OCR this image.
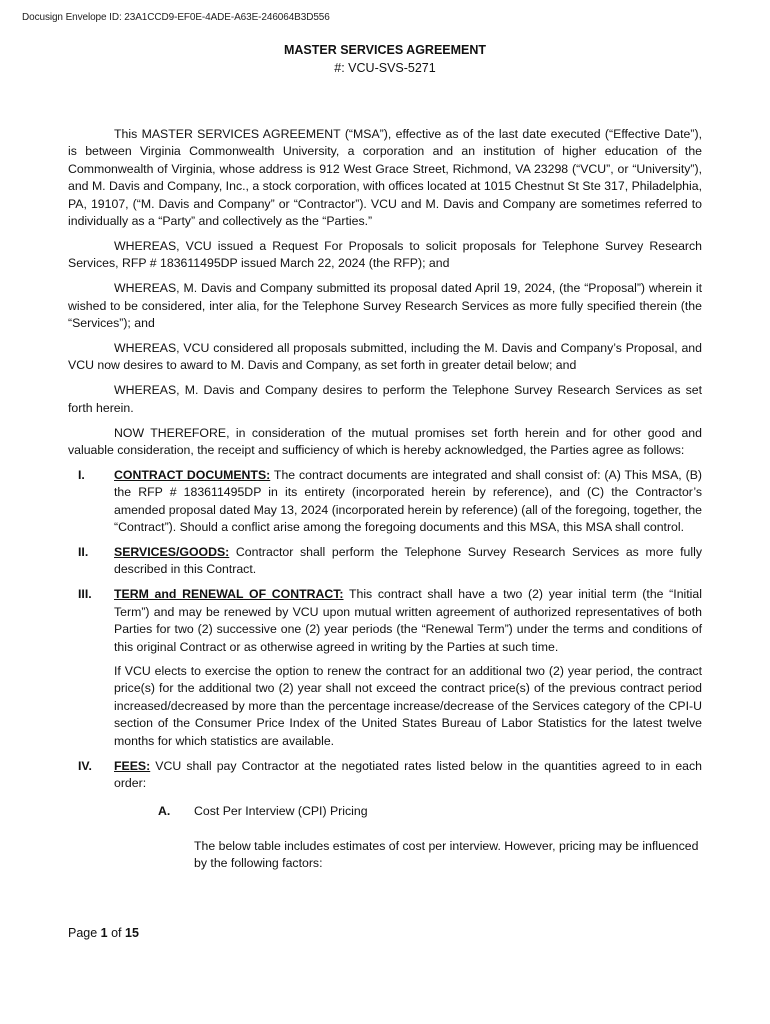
Docusign Envelope ID: 23A1CCD9-EF0E-4ADE-A63E-246064B3D556
MASTER SERVICES AGREEMENT
#: VCU-SVS-5271

This MASTER SERVICES AGREEMENT (“MSA”), effective as of the last date executed (“Effective Date”), is between Virginia Commonwealth University, a corporation and an institution of higher education of the Commonwealth of Virginia, whose address is 912 West Grace Street, Richmond, VA 23298 (“VCU”, or “University”), and M. Davis and Company, Inc., a stock corporation, with offices located at 1015 Chestnut St Ste 317, Philadelphia, PA, 19107, (“M. Davis and Company” or “Contractor”). VCU and M. Davis and Company are sometimes referred to individually as a “Party” and collectively as the “Parties.”

WHEREAS, VCU issued a Request For Proposals to solicit proposals for Telephone Survey Research Services, RFP # 183611495DP issued March 22, 2024 (the RFP); and

WHEREAS, M. Davis and Company submitted its proposal dated April 19, 2024, (the “Proposal”) wherein it wished to be considered, inter alia, for the Telephone Survey Research Services as more fully specified therein (the “Services”); and

WHEREAS, VCU considered all proposals submitted, including the M. Davis and Company’s Proposal, and VCU now desires to award to M. Davis and Company, as set forth in greater detail below; and

WHEREAS, M. Davis and Company desires to perform the Telephone Survey Research Services as set forth herein.

NOW THEREFORE, in consideration of the mutual promises set forth herein and for other good and valuable consideration, the receipt and sufficiency of which is hereby acknowledged, the Parties agree as follows:

I. CONTRACT DOCUMENTS: The contract documents are integrated and shall consist of: (A) This MSA, (B) the RFP # 183611495DP in its entirety (incorporated herein by reference), and (C) the Contractor’s amended proposal dated May 13, 2024 (incorporated herein by reference) (all of the foregoing, together, the “Contract”). Should a conflict arise among the foregoing documents and this MSA, this MSA shall control.
II. SERVICES/GOODS: Contractor shall perform the Telephone Survey Research Services as more fully described in this Contract.
III. TERM and RENEWAL OF CONTRACT: This contract shall have a two (2) year initial term (the “Initial Term”) and may be renewed by VCU upon mutual written agreement of authorized representatives of both Parties for two (2) successive one (2) year periods (the “Renewal Term”) under the terms and conditions of this original Contract or as otherwise agreed in writing by the Parties at such time.

If VCU elects to exercise the option to renew the contract for an additional two (2) year period, the contract price(s) for the additional two (2) year shall not exceed the contract price(s) of the previous contract period increased/decreased by more than the percentage increase/decrease of the Services category of the CPI-U section of the Consumer Price Index of the United States Bureau of Labor Statistics for the latest twelve months for which statistics are available.

IV. FEES: VCU shall pay Contractor at the negotiated rates listed below in the quantities agreed to in each order:
A. Cost Per Interview (CPI) Pricing
The below table includes estimates of cost per interview. However, pricing may be influenced by the following factors:
Page 1 of 15
